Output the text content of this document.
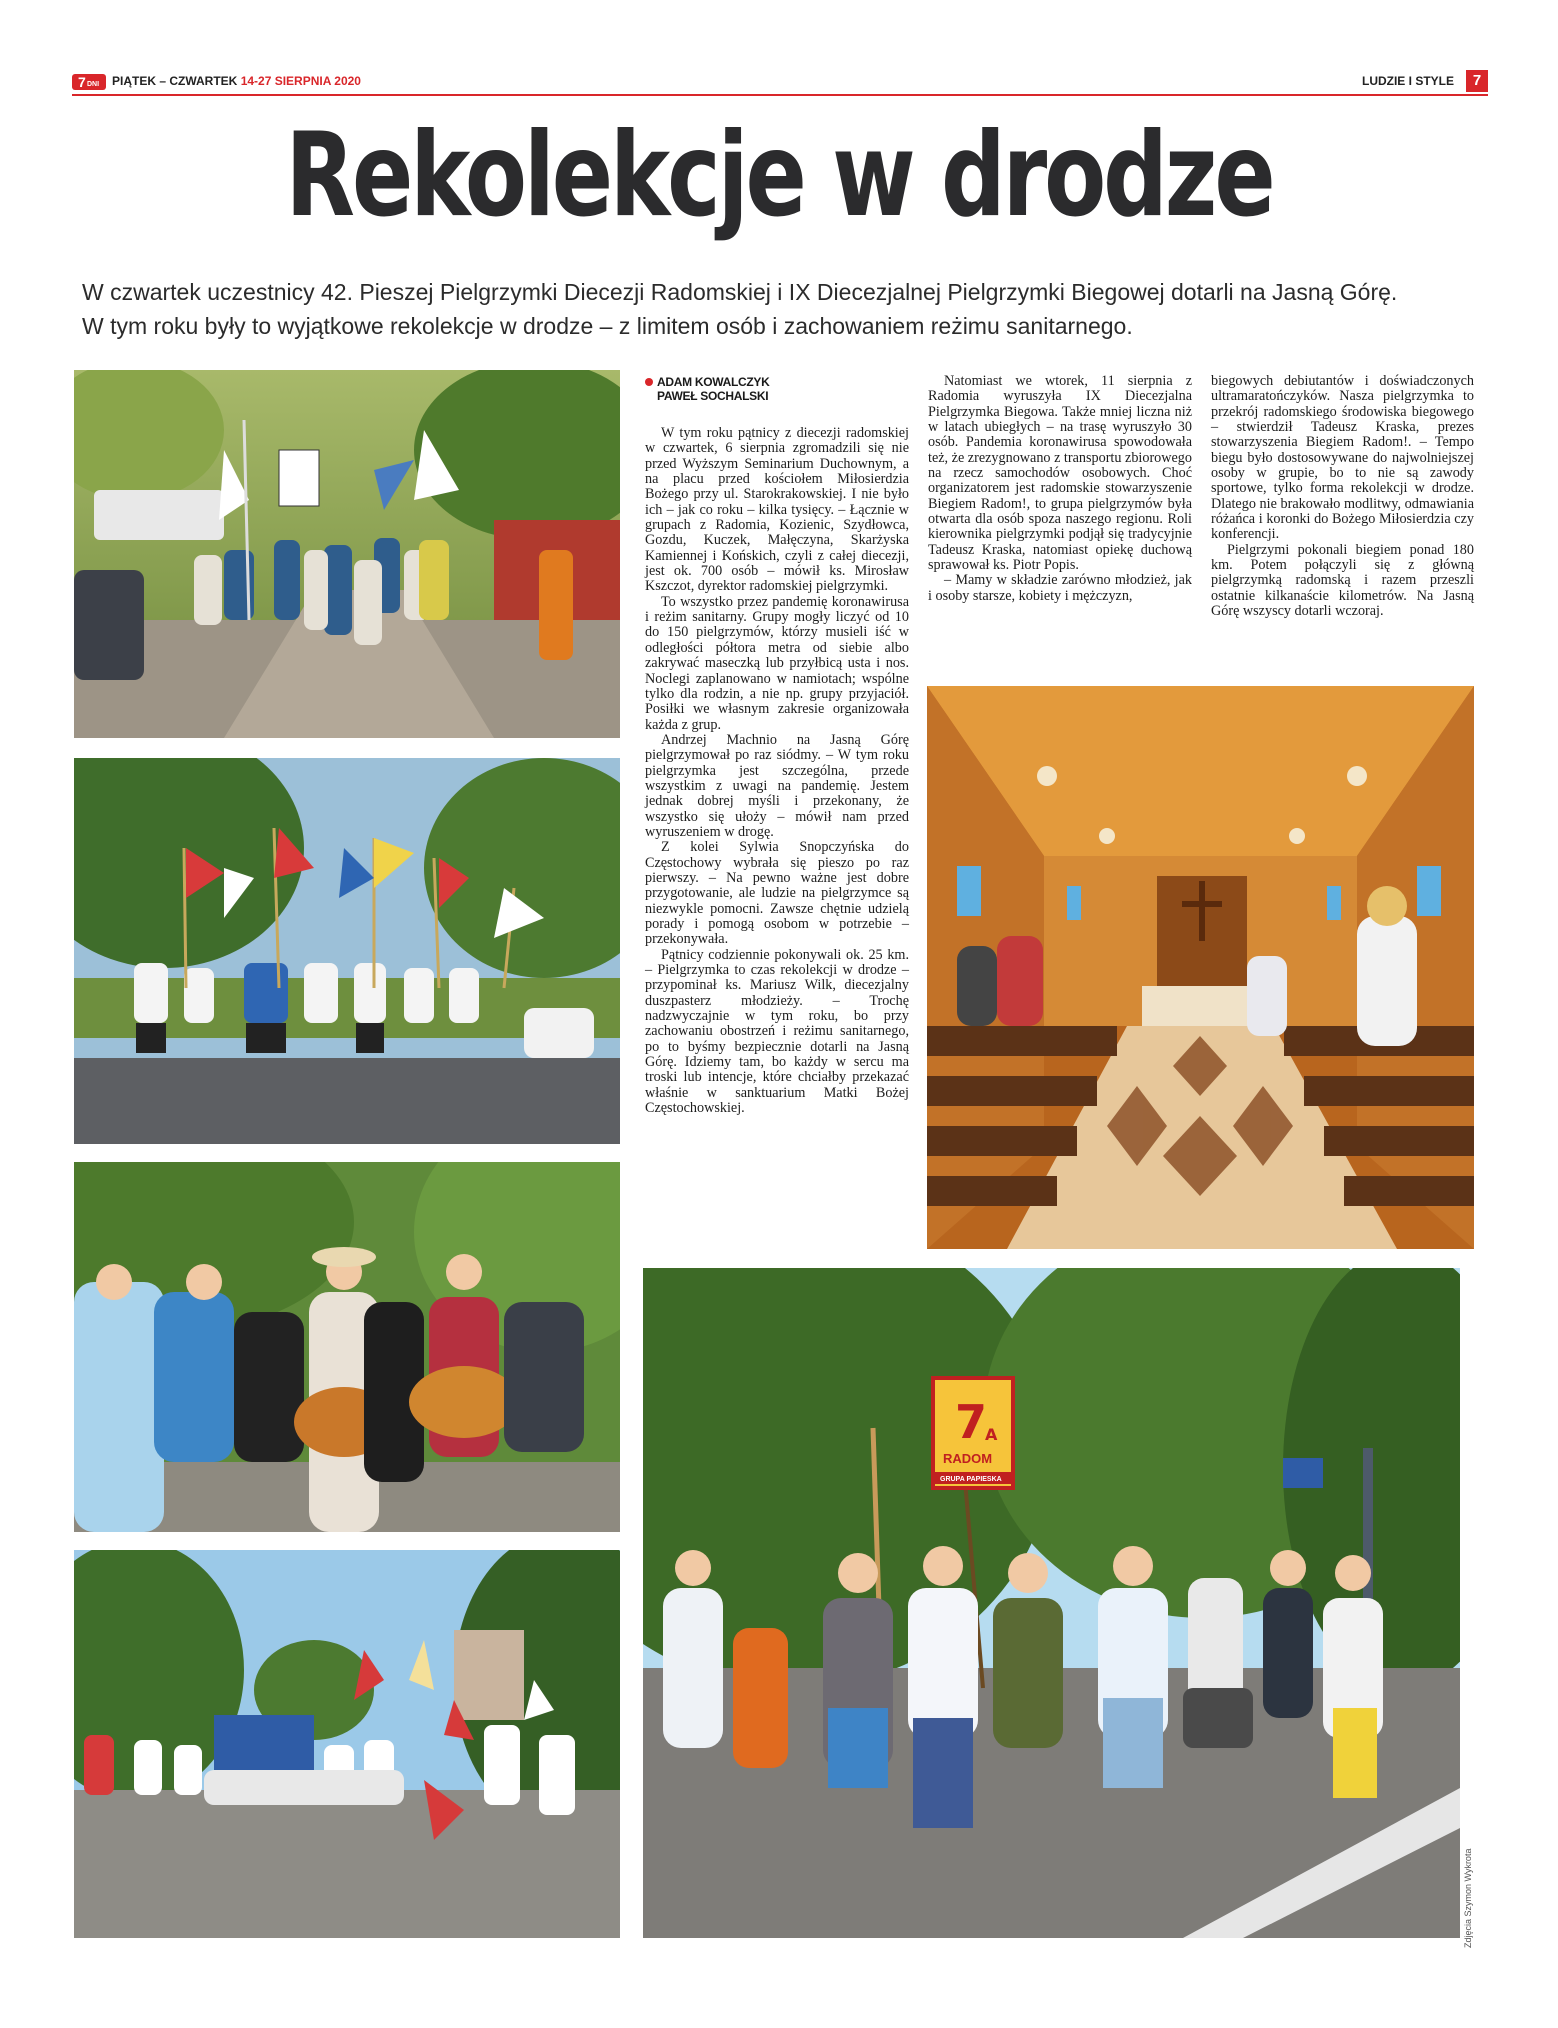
7 DNI PIĄTEK – CZWARTEK 14-27 SIERPNIA 2020	LUDZIE I STYLE	7
Rekolekcje w drodze
W czwartek uczestnicy 42. Pieszej Pielgrzymki Diecezji Radomskiej i IX Diecezjalnej Pielgrzymki Biegowej dotarli na Jasną Górę.
W tym roku były to wyjątkowe rekolekcje w drodze – z limitem osób i zachowaniem reżimu sanitarnego.
7
A
RADOM
GRUPA PAPIESKA
ADAM KOWALCZYK
PAWEŁ SOCHALSKI

W tym roku pątnicy z diecezji radomskiej w czwartek, 6 sierpnia zgromadzili się nie przed Wyższym Seminarium Duchownym, a na placu przed kościołem Miłosierdzia Bożego przy ul. Starokrakowskiej. I nie było ich – jak co roku – kilka tysięcy. – Łącznie w grupach z Radomia, Kozienic, Szydłowca, Gozdu, Kuczek, Małęczyna, Skarżyska Kamiennej i Końskich, czyli z całej diecezji, jest ok. 700 osób – mówił ks. Mirosław Kszczot, dyrektor radomskiej pielgrzymki.

To wszystko przez pandemię koronawirusa i reżim sanitarny. Grupy mogły liczyć od 10 do 150 pielgrzymów, którzy musieli iść w odległości półtora metra od siebie albo zakrywać maseczką lub przyłbicą usta i nos. Noclegi zaplanowano w namiotach; wspólne tylko dla rodzin, a nie np. grupy przyjaciół. Posiłki we własnym zakresie organizowała każda z grup.

Andrzej Machnio na Jasną Górę pielgrzymował po raz siódmy. – W tym roku pielgrzymka jest szczególna, przede wszystkim z uwagi na pandemię. Jestem jednak dobrej myśli i przekonany, że wszystko się ułoży – mówił nam przed wyruszeniem w drogę.

Z kolei Sylwia Snopczyńska do Częstochowy wybrała się pieszo po raz pierwszy. – Na pewno ważne jest dobre przygotowanie, ale ludzie na pielgrzymce są niezwykle pomocni. Zawsze chętnie udzielą porady i pomogą osobom w potrzebie – przekonywała.

Pątnicy codziennie pokonywali ok. 25 km. – Pielgrzymka to czas rekolekcji w drodze – przypominał ks. Mariusz Wilk, diecezjalny duszpasterz młodzieży. – Trochę nadzwyczajnie w tym roku, bo przy zachowaniu obostrzeń i reżimu sanitarnego, po to byśmy bezpiecznie dotarli na Jasną Górę. Idziemy tam, bo każdy w sercu ma troski lub intencje, które chciałby przekazać właśnie w sanktuarium Matki Bożej Częstochowskiej.

Natomiast we wtorek, 11 sierpnia z Radomia wyruszyła IX Diecezjalna Pielgrzymka Biegowa. Także mniej liczna niż w latach ubiegłych – na trasę wyruszyło 30 osób. Pandemia koronawirusa spowodowała też, że zrezygnowano z transportu zbiorowego na rzecz samochodów osobowych. Choć organizatorem jest radomskie stowarzyszenie Biegiem Radom!, to grupa pielgrzymów była otwarta dla osób spoza naszego regionu. Roli kierownika pielgrzymki podjął się tradycyjnie Tadeusz Kraska, natomiast opiekę duchową sprawował ks. Piotr Popis.

– Mamy w składzie zarówno młodzież, jak i osoby starsze, kobiety i mężczyzn,

biegowych debiutantów i doświadczonych ultramaratończyków. Nasza pielgrzymka to przekrój radomskiego środowiska biegowego – stwierdził Tadeusz Kraska, prezes stowarzyszenia Biegiem Radom!. – Tempo biegu było dostosowywane do najwolniejszej osoby w grupie, bo to nie są zawody sportowe, tylko forma rekolekcji w drodze. Dlatego nie brakowało modlitwy, odmawiania różańca i koronki do Bożego Miłosierdzia czy konferencji.

Pielgrzymi pokonali biegiem ponad 180 km. Potem połączyli się z główną pielgrzymką radomską i razem przeszli ostatnie kilkanaście kilometrów. Na Jasną Górę wszyscy dotarli wczoraj.

Zdjęcia Szymon Wykrota
